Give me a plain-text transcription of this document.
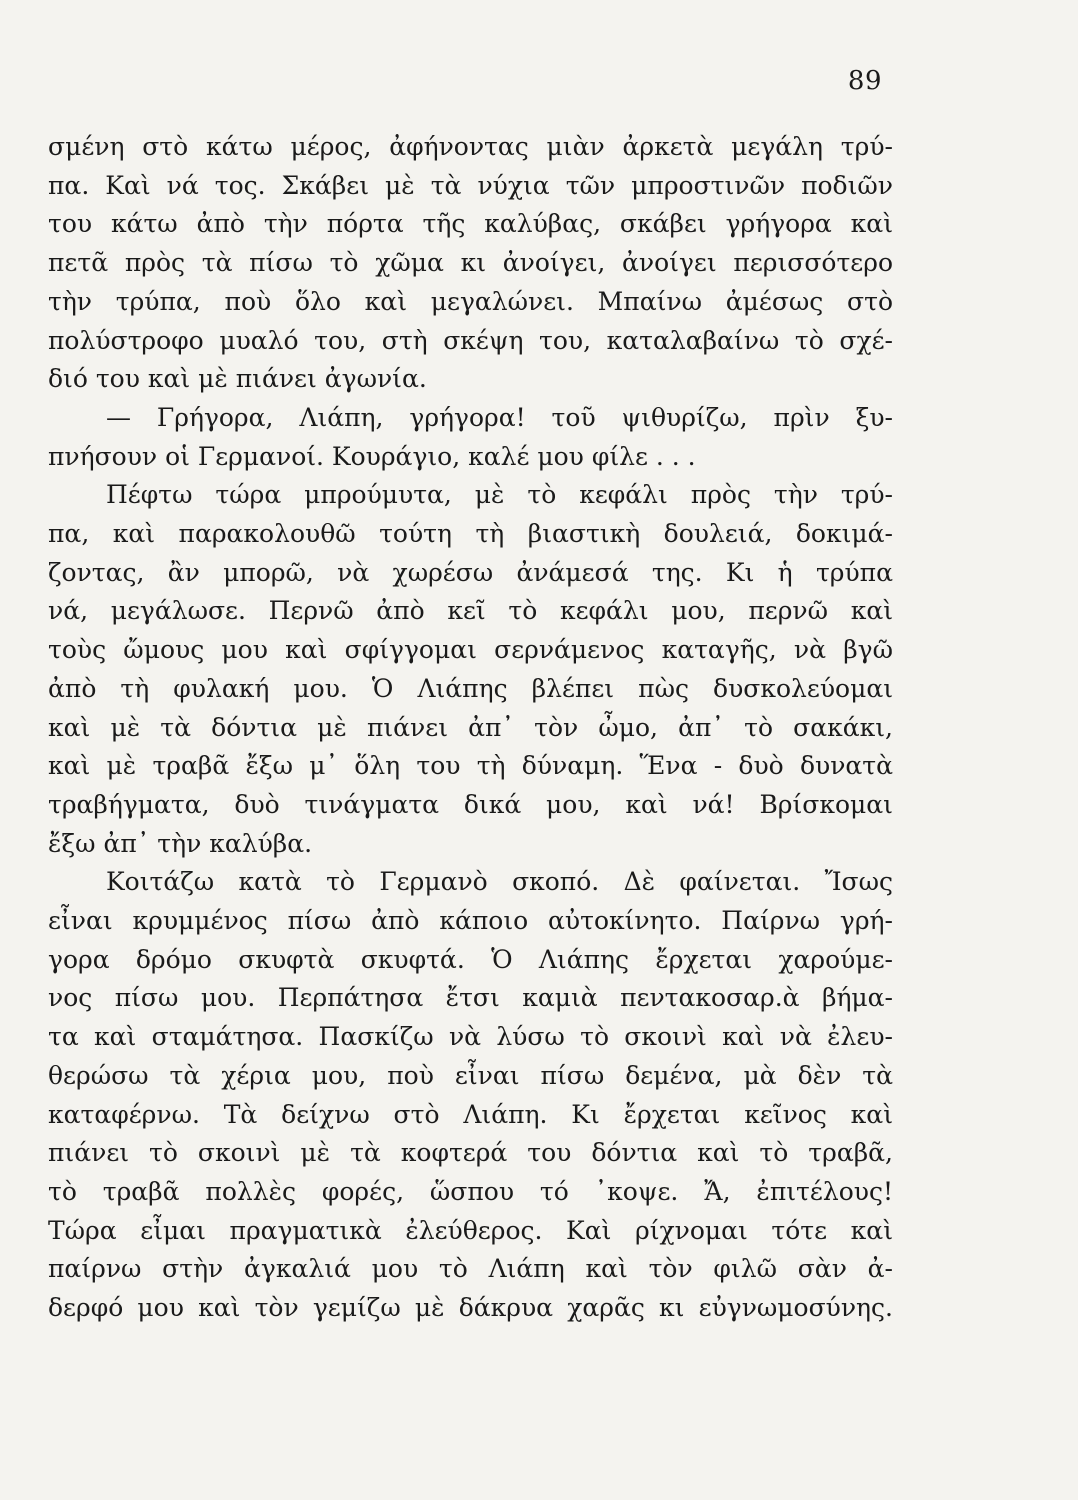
89
σμένη στὸ κάτω μέρος, ἀφήνοντας μιὰν ἀρκετὰ μεγάλη τρύ-
πα. Καὶ νά τος. Σκάβει μὲ τὰ νύχια τῶν μπροστινῶν ποδιῶν
του κάτω ἀπὸ τὴν πόρτα τῆς καλύβας, σκάβει γρήγορα καὶ
πετᾶ πρὸς τὰ πίσω τὸ χῶμα κι ἀνοίγει, ἀνοίγει περισσότερο
τὴν τρύπα, ποὺ ὅλο καὶ μεγαλώνει. Μπαίνω ἀμέσως στὸ
πολύστροφο μυαλό του, στὴ σκέψη του, καταλαβαίνω τὸ σχέ-
διό του καὶ μὲ πιάνει ἀγωνία.
— Γρήγορα, Λιάπη, γρήγορα! τοῦ ψιθυρίζω, πρὶν ξυ-
πνήσουν οἱ Γερμανοί. Κουράγιο, καλέ μου φίλε . . .
Πέφτω τώρα μπρούμυτα, μὲ τὸ κεφάλι πρὸς τὴν τρύ-
πα, καὶ παρακολουθῶ τούτη τὴ βιαστικὴ δουλειά, δοκιμά-
ζοντας, ἂν μπορῶ, νὰ χωρέσω ἀνάμεσά της. Κι ἡ τρύπα
νά, μεγάλωσε. Περνῶ ἀπὸ κεῖ τὸ κεφάλι μου, περνῶ καὶ
τοὺς ὤμους μου καὶ σφίγγομαι σερνάμενος καταγῆς, νὰ βγῶ
ἀπὸ τὴ φυλακή μου. Ὁ Λιάπης βλέπει πὼς δυσκολεύομαι
καὶ μὲ τὰ δόντια μὲ πιάνει ἀπ᾽ τὸν ὦμο, ἀπ᾽ τὸ σακάκι,
καὶ μὲ τραβᾶ ἔξω μ᾽ ὅλη του τὴ δύναμη. Ἕνα - δυὸ δυνατὰ
τραβήγματα, δυὸ τινάγματα δικά μου, καὶ νά! Βρίσκομαι
ἔξω ἀπ᾽ τὴν καλύβα.
Κοιτάζω κατὰ τὸ Γερμανὸ σκοπό. Δὲ φαίνεται. Ἴσως
εἶναι κρυμμένος πίσω ἀπὸ κάποιο αὐτοκίνητο. Παίρνω γρή-
γορα δρόμο σκυφτὰ σκυφτά. Ὁ Λιάπης ἔρχεται χαρούμε-
νος πίσω μου. Περπάτησα ἔτσι καμιὰ πεντακοσαρ.ὰ βήμα-
τα καὶ σταμάτησα. Πασκίζω νὰ λύσω τὸ σκοινὶ καὶ νὰ ἐλευ-
θερώσω τὰ χέρια μου, ποὺ εἶναι πίσω δεμένα, μὰ δὲν τὰ
καταφέρνω. Τὰ δείχνω στὸ Λιάπη. Κι ἔρχεται κεῖνος καὶ
πιάνει τὸ σκοινὶ μὲ τὰ κοφτερά του δόντια καὶ τὸ τραβᾶ,
τὸ τραβᾶ πολλὲς φορές, ὥσπου τό ᾽κοψε. Ἄ, ἐπιτέλους!
Τώρα εἶμαι πραγματικὰ ἐλεύθερος. Καὶ ρίχνομαι τότε καὶ
παίρνω στὴν ἀγκαλιά μου τὸ Λιάπη καὶ τὸν φιλῶ σὰν ἀ-
δερφό μου καὶ τὸν γεμίζω μὲ δάκρυα χαρᾶς κι εὐγνωμοσύνης.
